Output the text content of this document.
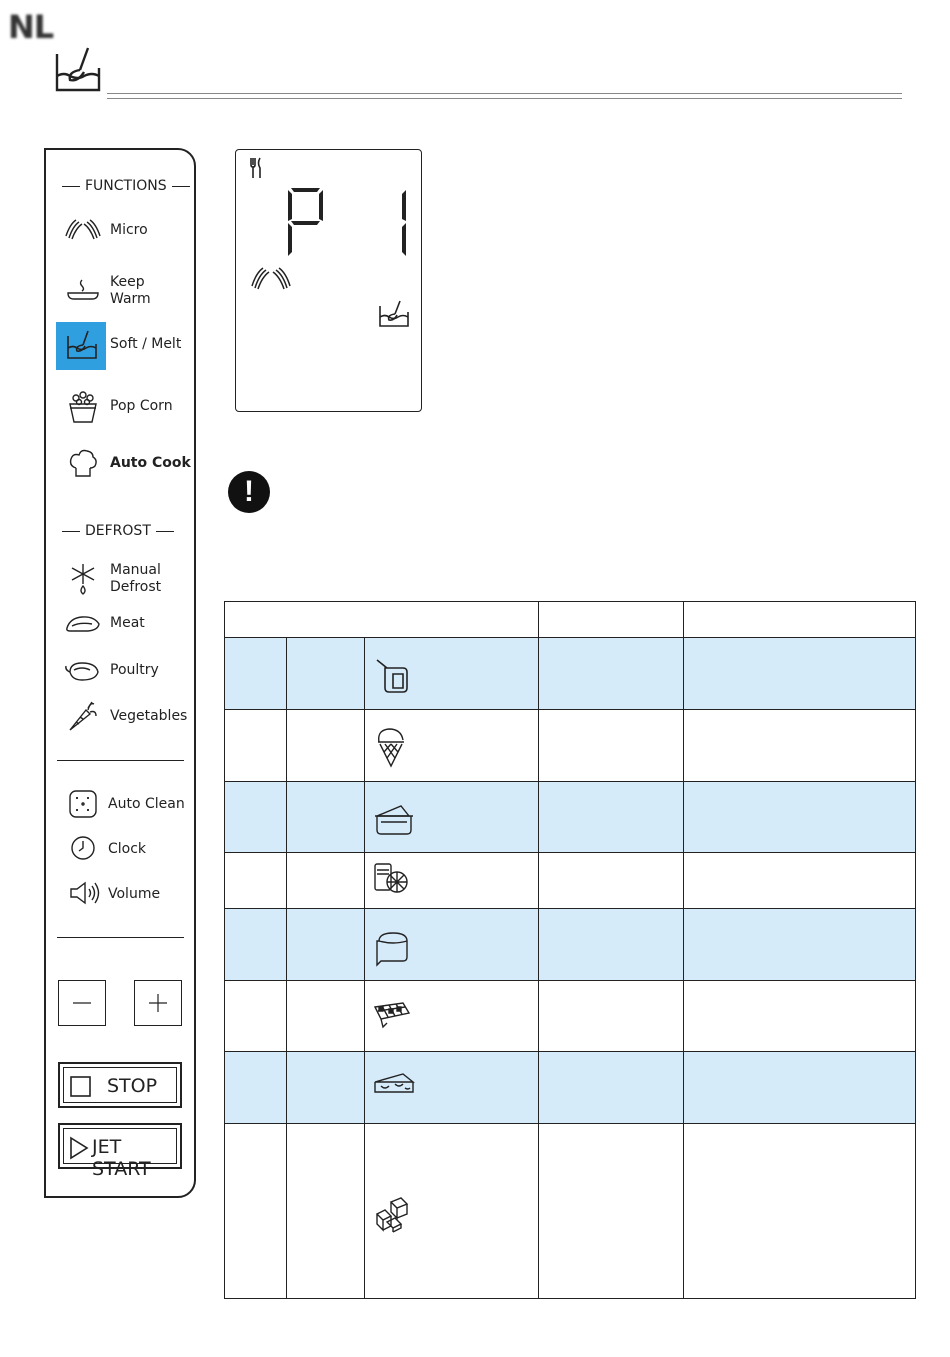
NL
FUNCTIONS
Micro
Keep
Warm
Soft / Melt
Pop Corn
Auto Cook
DEFROST
Manual
Defrost
Meat
Poultry
Vegetables
Auto Clean
Clock
Volume
STOP
JET START
!
